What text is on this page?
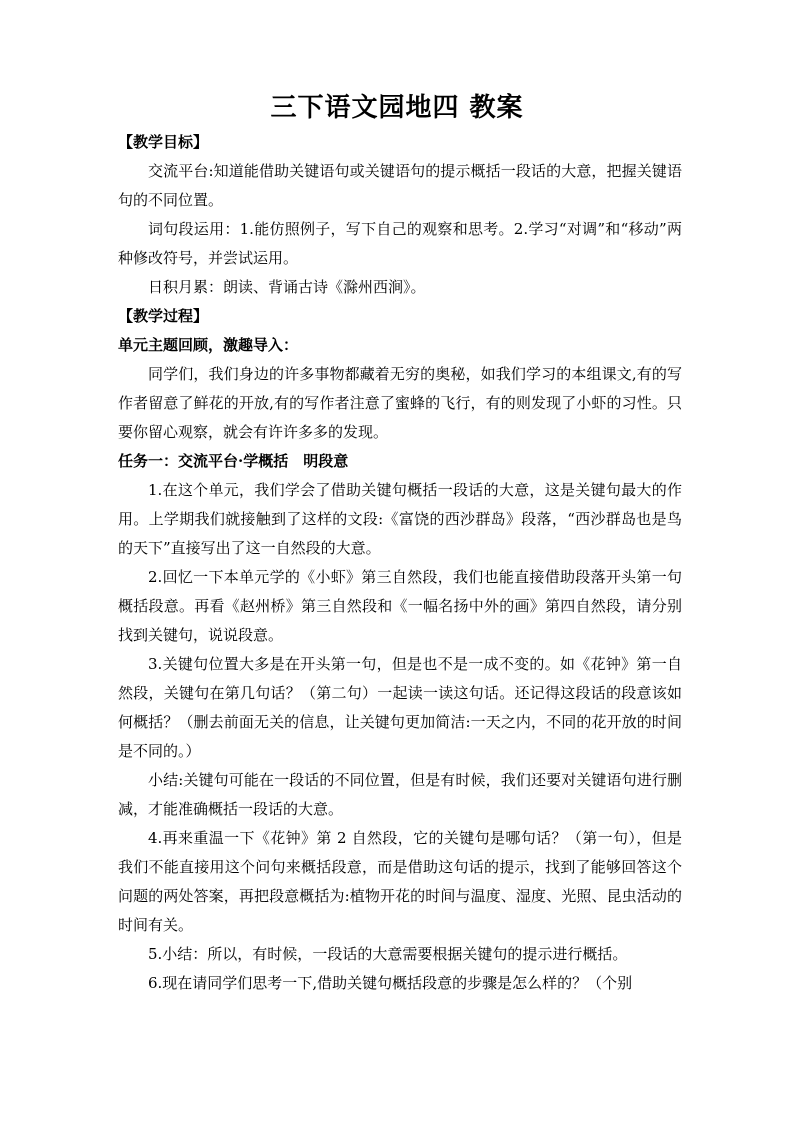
三下语文园地四 教案

【教学目标】

交流平台:知道能借助关键语句或关键语句的提示概括一段话的大意，把握关键语句的不同位置。

词句段运用：1.能仿照例子，写下自己的观察和思考。2.学习“对调”和“移动”两种修改符号，并尝试运用。

日积月累：朗读、背诵古诗《滁州西涧》。

【教学过程】

单元主题回顾，激趣导入：

同学们，我们身边的许多事物都藏着无穷的奥秘，如我们学习的本组课文,有的写作者留意了鲜花的开放,有的写作者注意了蜜蜂的飞行，有的则发现了小虾的习性。只要你留心观察，就会有许许多多的发现。

任务一：交流平台·学概括　明段意

1.在这个单元，我们学会了借助关键句概括一段话的大意，这是关键句最大的作用。上学期我们就接触到了这样的文段:《富饶的西沙群岛》段落，“西沙群岛也是鸟的天下”直接写出了这一自然段的大意。

2.回忆一下本单元学的《小虾》第三自然段，我们也能直接借助段落开头第一句概括段意。再看《赵州桥》第三自然段和《一幅名扬中外的画》第四自然段，请分别找到关键句，说说段意。

3.关键句位置大多是在开头第一句，但是也不是一成不变的。如《花钟》第一自然段，关键句在第几句话？（第二句）一起读一读这句话。还记得这段话的段意该如何概括？（删去前面无关的信息，让关键句更加简洁:一天之内，不同的花开放的时间是不同的。）

小结:关键句可能在一段话的不同位置，但是有时候，我们还要对关键语句进行删减，才能准确概括一段话的大意。

4.再来重温一下《花钟》第 2 自然段，它的关键句是哪句话？（第一句），但是我们不能直接用这个问句来概括段意，而是借助这句话的提示，找到了能够回答这个问题的两处答案，再把段意概括为:植物开花的时间与温度、湿度、光照、昆虫活动的时间有关。

5.小结：所以，有时候，一段话的大意需要根据关键句的提示进行概括。

6.现在请同学们思考一下,借助关键句概括段意的步骤是怎么样的？（个别
